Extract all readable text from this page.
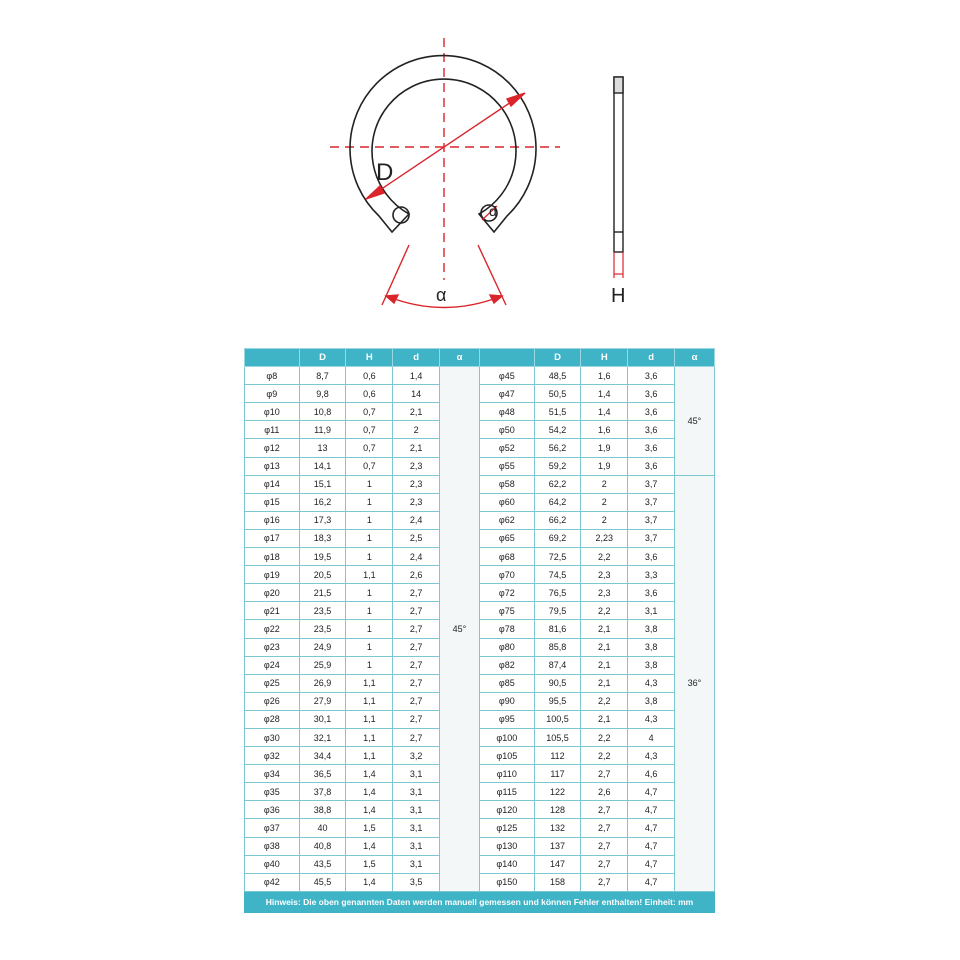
D
d
α	H
	D	H	d	α		D	H	d	α
φ8	8,7	0,6	1,4	45°	φ45	48,5	1,6	3,6	45°
φ9	9,8	0,6	14		φ47	50,5	1,4	3,6	
φ10	10,8	0,7	2,1		φ48	51,5	1,4	3,6	
φ11	11,9	0,7	2		φ50	54,2	1,6	3,6	
φ12	13	0,7	2,1		φ52	56,2	1,9	3,6	
φ13	14,1	0,7	2,3		φ55	59,2	1,9	3,6	
φ14	15,1	1	2,3		φ58	62,2	2	3,7	36°
φ15	16,2	1	2,3		φ60	64,2	2	3,7	
φ16	17,3	1	2,4		φ62	66,2	2	3,7	
φ17	18,3	1	2,5		φ65	69,2	2,23	3,7	
φ18	19,5	1	2,4		φ68	72,5	2,2	3,6	
φ19	20,5	1,1	2,6		φ70	74,5	2,3	3,3	
φ20	21,5	1	2,7		φ72	76,5	2,3	3,6	
φ21	23,5	1	2,7		φ75	79,5	2,2	3,1	
φ22	23,5	1	2,7		φ78	81,6	2,1	3,8	
φ23	24,9	1	2,7		φ80	85,8	2,1	3,8	
φ24	25,9	1	2,7		φ82	87,4	2,1	3,8	
φ25	26,9	1,1	2,7		φ85	90,5	2,1	4,3	
φ26	27,9	1,1	2,7		φ90	95,5	2,2	3,8	
φ28	30,1	1,1	2,7		φ95	100,5	2,1	4,3	
φ30	32,1	1,1	2,7		φ100	105,5	2,2	4	
φ32	34,4	1,1	3,2		φ105	112	2,2	4,3	
φ34	36,5	1,4	3,1		φ110	117	2,7	4,6	
φ35	37,8	1,4	3,1		φ115	122	2,6	4,7	
φ36	38,8	1,4	3,1		φ120	128	2,7	4,7	
φ37	40	1,5	3,1		φ125	132	2,7	4,7	
φ38	40,8	1,4	3,1		φ130	137	2,7	4,7	
φ40	43,5	1,5	3,1		φ140	147	2,7	4,7	
φ42	45,5	1,4	3,5		φ150	158	2,7	4,7	
Hinweis: Die oben genannten Daten werden manuell gemessen und können Fehler enthalten! Einheit: mm									
